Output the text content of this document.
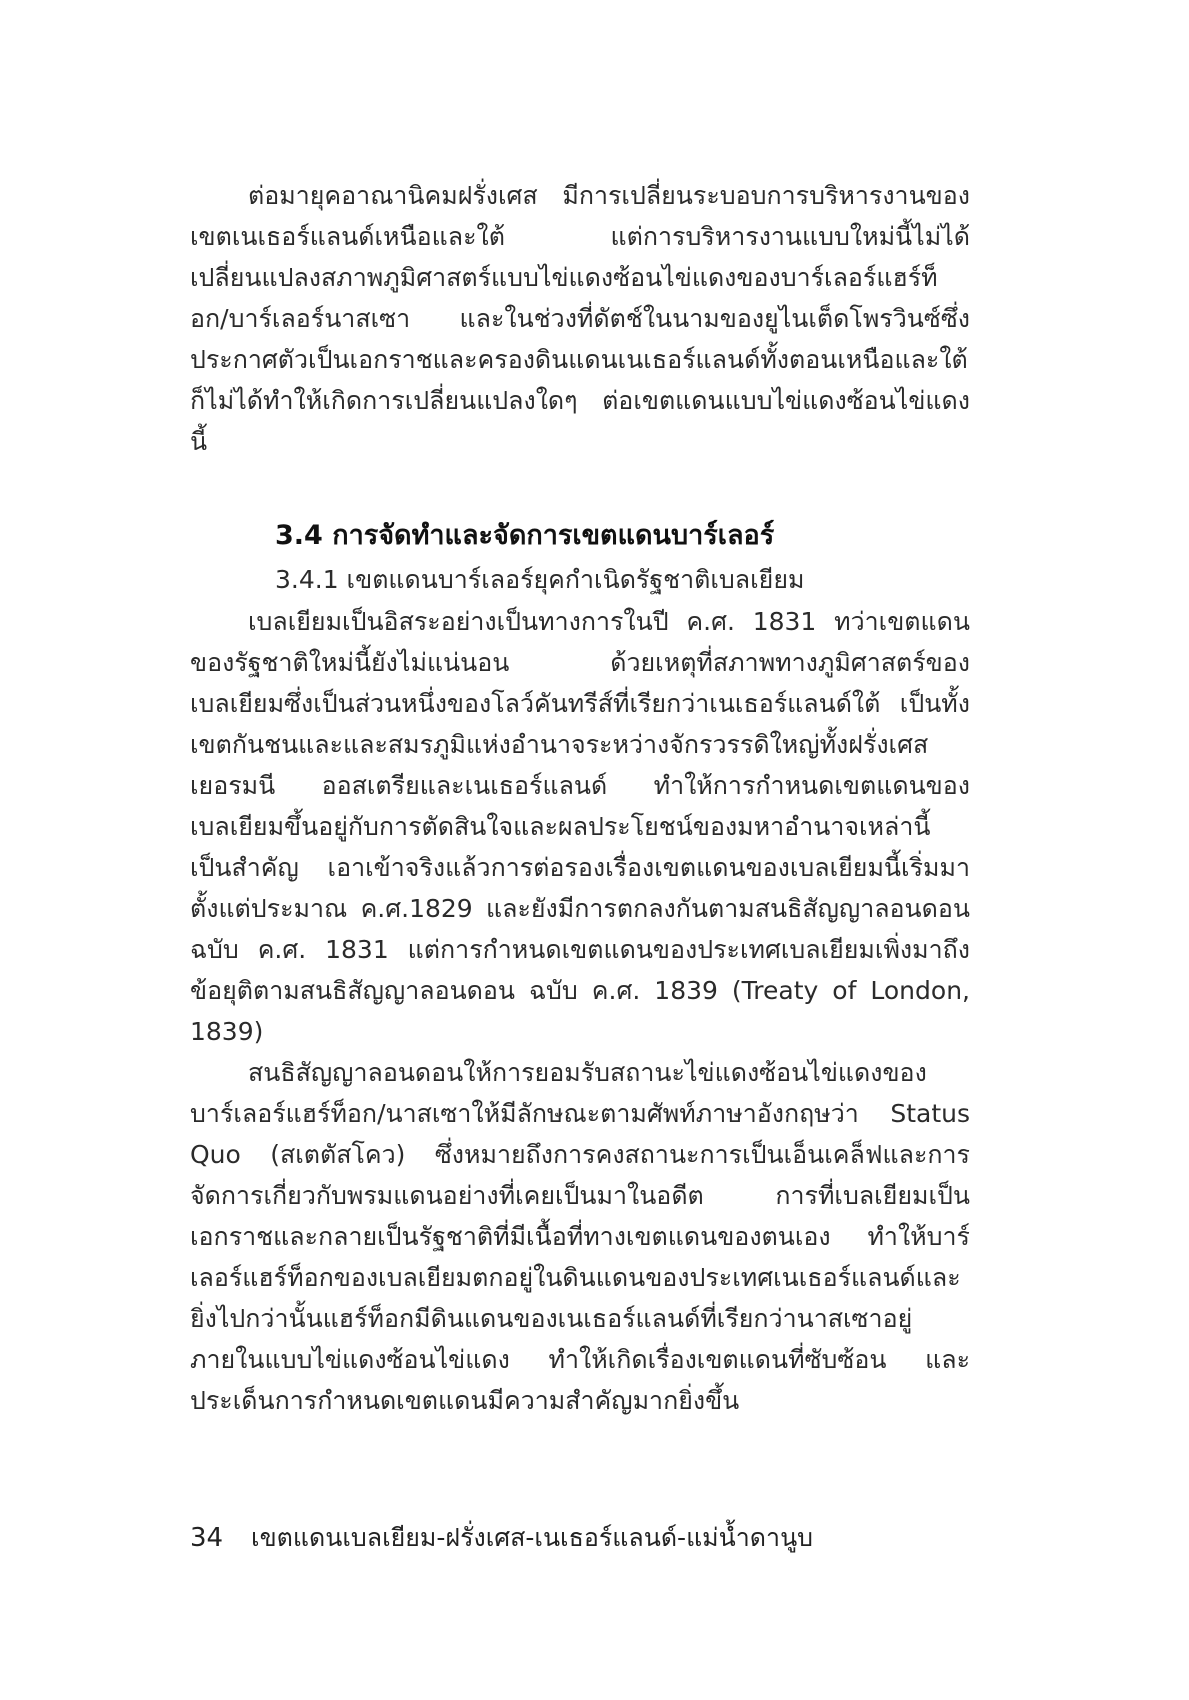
ต่อมายุคอาณานิคมฝรั่งเศส มีการเปลี่ยนระบอบการบริหารงานของเขตเนเธอร์แลนด์เหนือและใต้ แต่การบริหารงานแบบใหม่นี้ไม่ได้เปลี่ยนแปลงสภาพภูมิศาสตร์แบบไข่แดงซ้อนไข่แดงของบาร์เลอร์แฮร์ท็อก/บาร์เลอร์นาสเซา และในช่วงที่ดัตช์ในนามของยูไนเต็ดโพรวินซ์ซึ่งประกาศตัวเป็นเอกราชและครองดินแดนเนเธอร์แลนด์ทั้งตอนเหนือและใต้ ก็ไม่ได้ทำให้เกิดการเปลี่ยนแปลงใดๆ ต่อเขตแดนแบบไข่แดงซ้อนไข่แดงนี้

3.4 การจัดทำและจัดการเขตแดนบาร์เลอร์
3.4.1 เขตแดนบาร์เลอร์ยุคกำเนิดรัฐชาติเบลเยียม

เบลเยียมเป็นอิสระอย่างเป็นทางการในปี ค.ศ. 1831 ทว่าเขตแดนของรัฐชาติใหม่นี้ยังไม่แน่นอน ด้วยเหตุที่สภาพทางภูมิศาสตร์ของเบลเยียมซึ่งเป็นส่วนหนึ่งของโลว์คันทรีส์ที่เรียกว่าเนเธอร์แลนด์ใต้ เป็นทั้งเขตกันชนและและสมรภูมิแห่งอำนาจระหว่างจักรวรรดิใหญ่ทั้งฝรั่งเศส เยอรมนี ออสเตรียและเนเธอร์แลนด์ ทำให้การกำหนดเขตแดนของเบลเยียมขึ้นอยู่กับการตัดสินใจและผลประโยชน์ของมหาอำนาจเหล่านี้เป็นสำคัญ เอาเข้าจริงแล้วการต่อรองเรื่องเขตแดนของเบลเยียมนี้เริ่มมาตั้งแต่ประมาณ ค.ศ.1829 และยังมีการตกลงกันตามสนธิสัญญาลอนดอนฉบับ ค.ศ. 1831 แต่การกำหนดเขตแดนของประเทศเบลเยียมเพิ่งมาถึงข้อยุติตามสนธิสัญญาลอนดอน ฉบับ ค.ศ. 1839 (Treaty of London, 1839)

สนธิสัญญาลอนดอนให้การยอมรับสถานะไข่แดงซ้อนไข่แดงของบาร์เลอร์แฮร์ท็อก/นาสเซาให้มีลักษณะตามศัพท์ภาษาอังกฤษว่า Status Quo (สเตตัสโคว) ซึ่งหมายถึงการคงสถานะการเป็นเอ็นเคล็ฟและการจัดการเกี่ยวกับพรมแดนอย่างที่เคยเป็นมาในอดีต การที่เบลเยียมเป็นเอกราชและกลายเป็นรัฐชาติที่มีเนื้อที่ทางเขตแดนของตนเอง ทำให้บาร์เลอร์แฮร์ท็อกของเบลเยียมตกอยู่ในดินแดนของประเทศเนเธอร์แลนด์และยิ่งไปกว่านั้นแฮร์ท็อกมีดินแดนของเนเธอร์แลนด์ที่เรียกว่านาสเซาอยู่ภายในแบบไข่แดงซ้อนไข่แดง ทำให้เกิดเรื่องเขตแดนที่ซับซ้อน และประเด็นการกำหนดเขตแดนมีความสำคัญมากยิ่งขึ้น

34 เขตแดนเบลเยียม-ฝรั่งเศส-เนเธอร์แลนด์-แม่น้ำดานูบ
